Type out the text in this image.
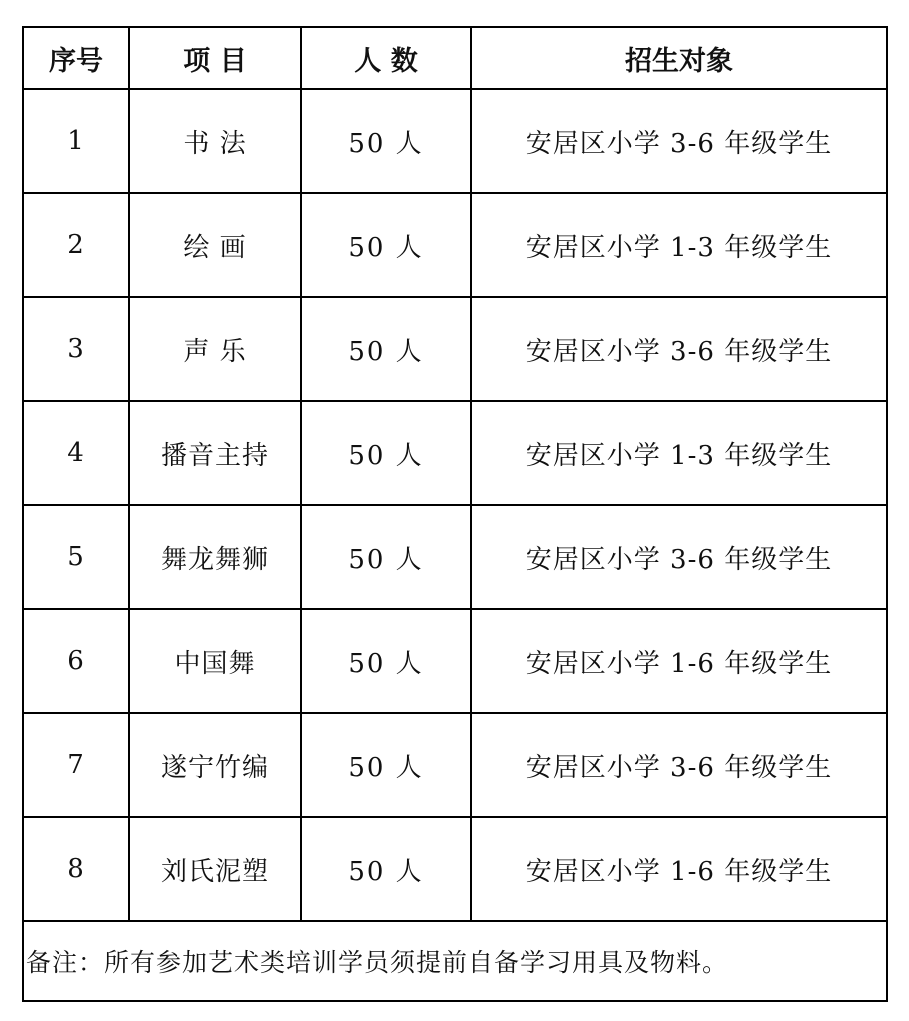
序号	项 目	人 数	招生对象
1	书 法	50 人	安居区小学 3-6 年级学生
2	绘 画	50 人	安居区小学 1-3 年级学生
3	声 乐	50 人	安居区小学 3-6 年级学生
4	播音主持	50 人	安居区小学 1-3 年级学生
5	舞龙舞狮	50 人	安居区小学 3-6 年级学生
6	中国舞	50 人	安居区小学 1-6 年级学生
7	遂宁竹编	50 人	安居区小学 3-6 年级学生
8	刘氏泥塑	50 人	安居区小学 1-6 年级学生
备注：所有参加艺术类培训学员须提前自备学习用具及物料。			
